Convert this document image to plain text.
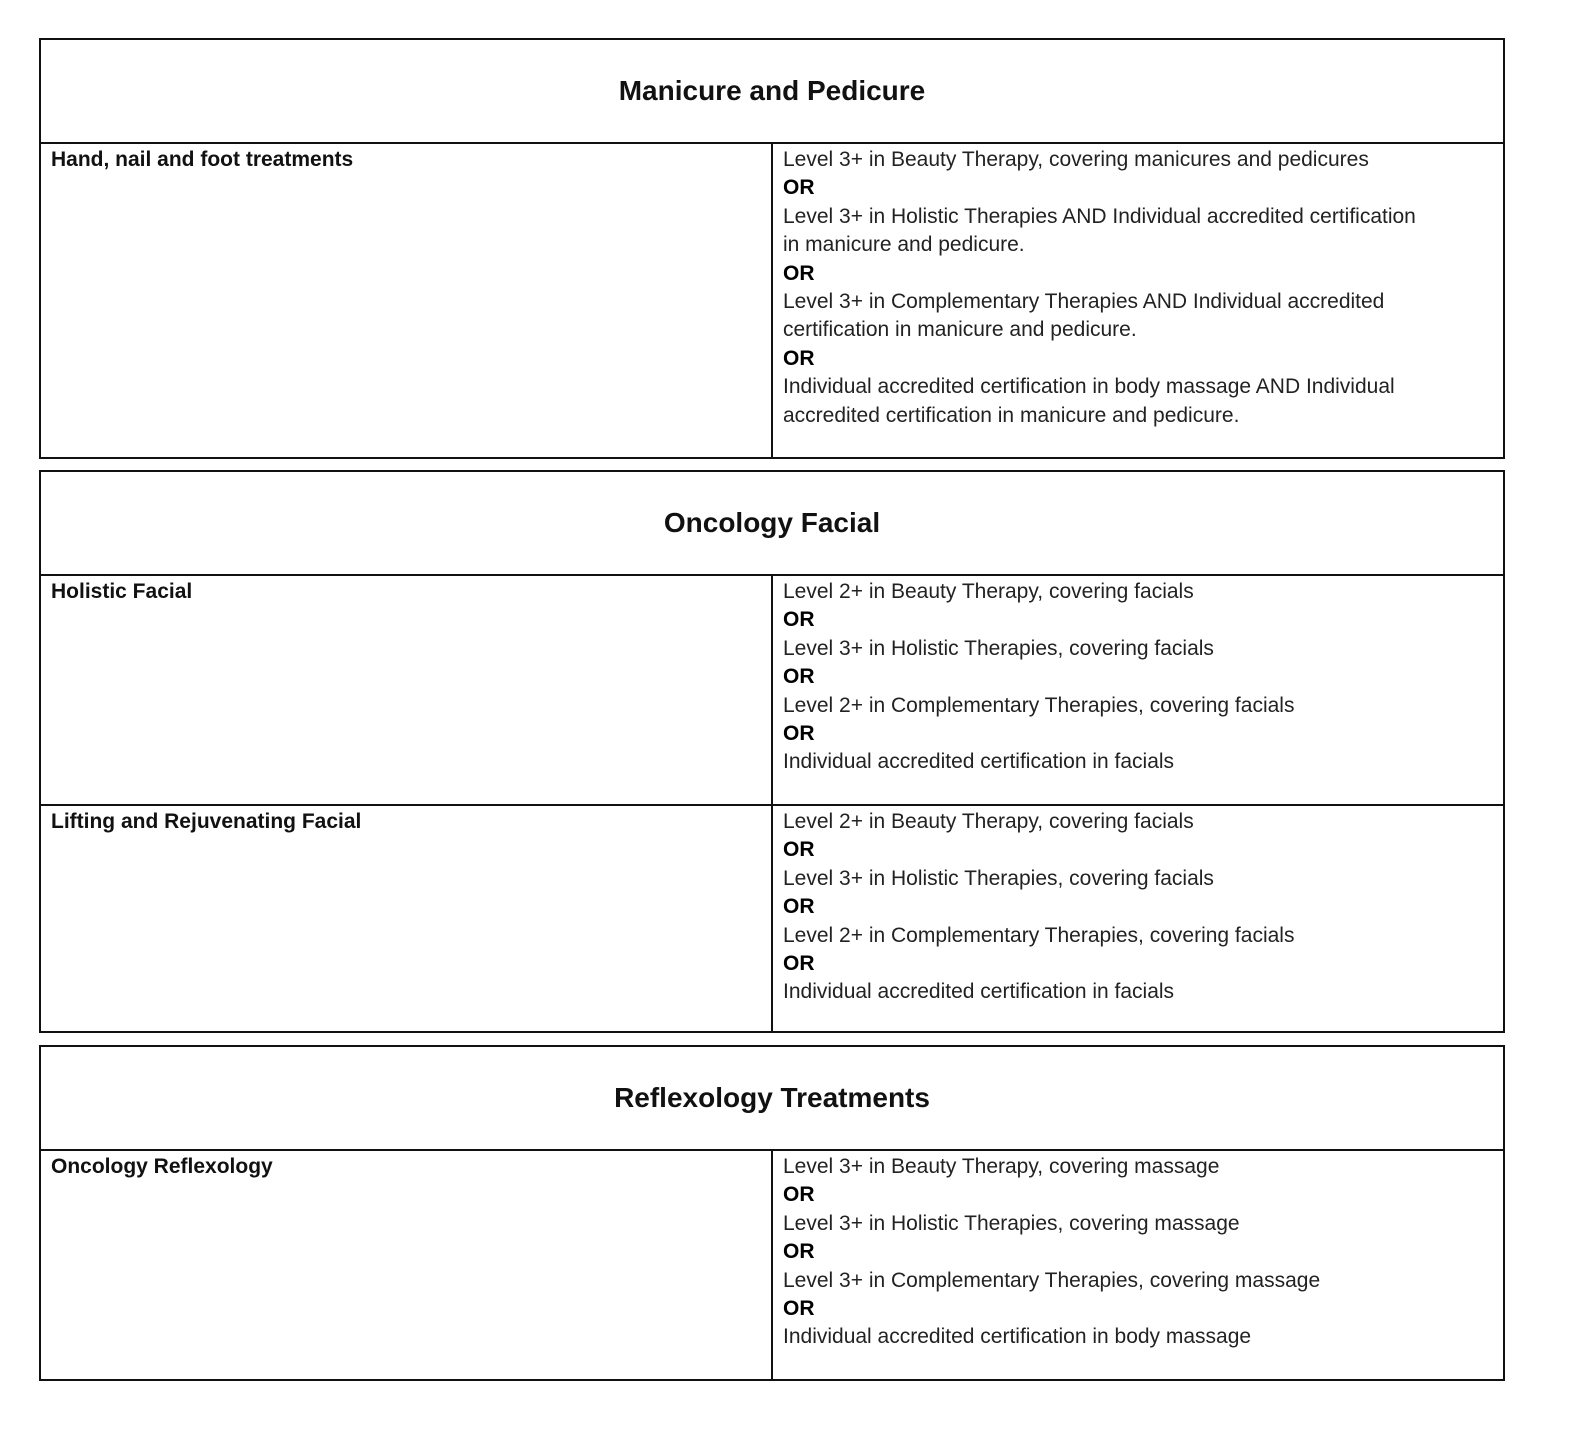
Manicure and Pedicure
Hand, nail and foot treatments	Level 3+ in Beauty Therapy, covering manicures and pedicures
OR
Level 3+ in Holistic Therapies AND Individual accredited certification
in manicure and pedicure.
OR
Level 3+ in Complementary Therapies AND Individual accredited
certification in manicure and pedicure.
OR
Individual accredited certification in body massage AND Individual
accredited certification in manicure and pedicure.
Oncology Facial
Holistic Facial	Level 2+ in Beauty Therapy, covering facials
OR
Level 3+ in Holistic Therapies, covering facials
OR
Level 2+ in Complementary Therapies, covering facials
OR
Individual accredited certification in facials
Lifting and Rejuvenating Facial	Level 2+ in Beauty Therapy, covering facials
OR
Level 3+ in Holistic Therapies, covering facials
OR
Level 2+ in Complementary Therapies, covering facials
OR
Individual accredited certification in facials
Reflexology Treatments
Oncology Reflexology	Level 3+ in Beauty Therapy, covering massage
OR
Level 3+ in Holistic Therapies, covering massage
OR
Level 3+ in Complementary Therapies, covering massage
OR
Individual accredited certification in body massage
